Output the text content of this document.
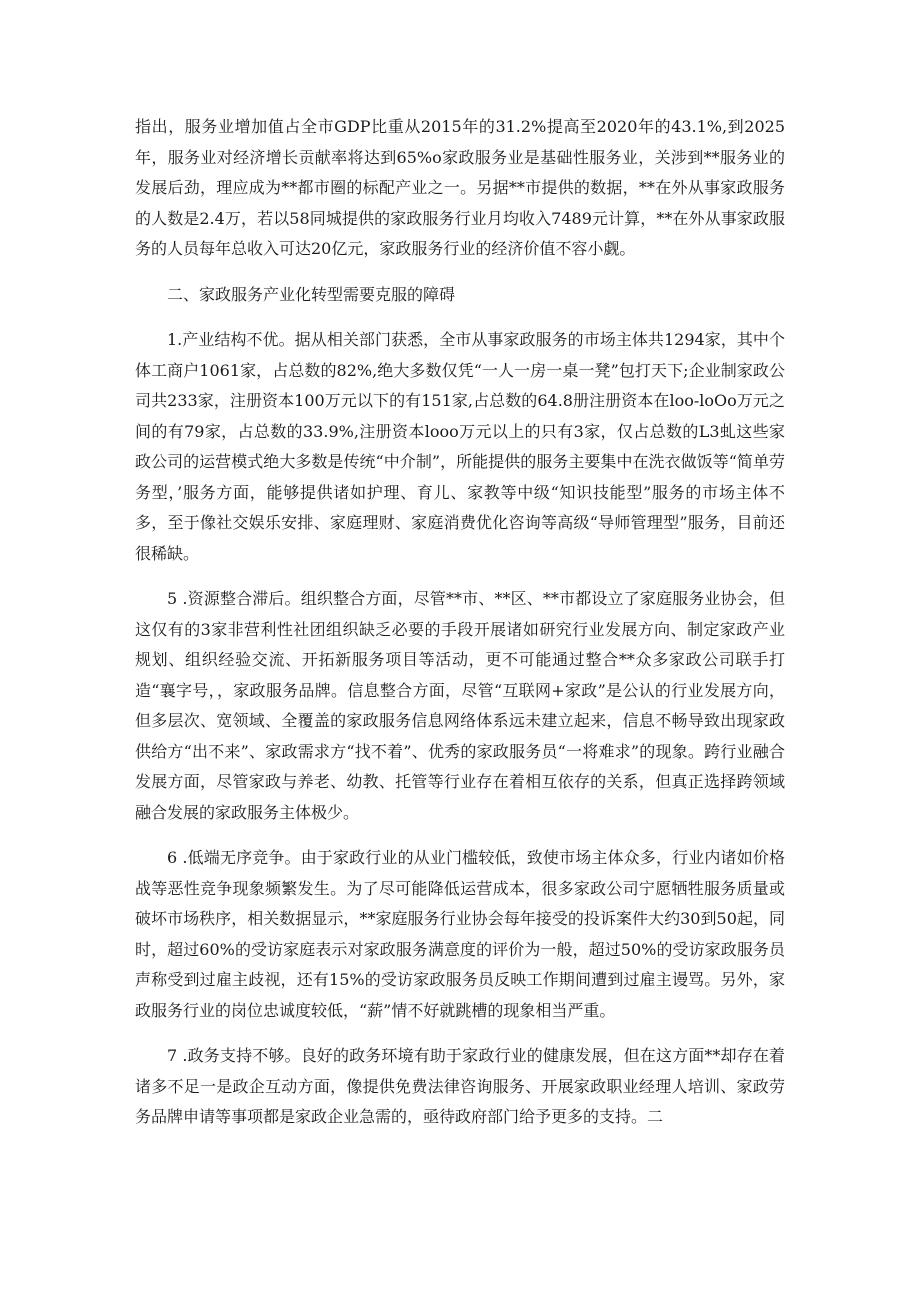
指出，服务业增加值占全市GDP比重从2015年的31.2%提高至2020年的43.1%,到2025年，服务业对经济增长贡献率将达到65%o家政服务业是基础性服务业，关涉到**服务业的发展后劲，理应成为**都市圈的标配产业之一。另据**市提供的数据，**在外从事家政服务的人数是2.4万，若以58同城提供的家政服务行业月均收入7489元计算，**在外从事家政服务的人员每年总收入可达20亿元，家政服务行业的经济价值不容小觑。

二、家政服务产业化转型需要克服的障碍

1.产业结构不优。据从相关部门获悉，全市从事家政服务的市场主体共1294家，其中个体工商户1061家，占总数的82%,绝大多数仅凭“一人一房一桌一凳”包打天下;企业制家政公司共233家，注册资本100万元以下的有151家,占总数的64.8册注册资本在loo-loOo万元之间的有79家，占总数的33.9%,注册资本looo万元以上的只有3家，仅占总数的L3虬这些家政公司的运营模式绝大多数是传统“中介制”，所能提供的服务主要集中在洗衣做饭等“简单劳务型，’服务方面，能够提供诸如护理、育儿、家教等中级“知识技能型”服务的市场主体不多，至于像社交娱乐安排、家庭理财、家庭消费优化咨询等高级“导师管理型”服务，目前还很稀缺。

5 .资源整合滞后。组织整合方面，尽管**市、**区、**市都设立了家庭服务业协会，但这仅有的3家非营利性社团组织缺乏必要的手段开展诸如研究行业发展方向、制定家政产业规划、组织经验交流、开拓新服务项目等活动，更不可能通过整合**众多家政公司联手打造“襄字号，，家政服务品牌。信息整合方面，尽管“互联网+家政”是公认的行业发展方向，但多层次、宽领域、全覆盖的家政服务信息网络体系远未建立起来，信息不畅导致出现家政供给方“出不来”、家政需求方“找不着”、优秀的家政服务员“一将难求”的现象。跨行业融合发展方面，尽管家政与养老、幼教、托管等行业存在着相互依存的关系，但真正选择跨领域融合发展的家政服务主体极少。

6 .低端无序竞争。由于家政行业的从业门槛较低，致使市场主体众多，行业内诸如价格战等恶性竞争现象频繁发生。为了尽可能降低运营成本，很多家政公司宁愿牺牲服务质量或破坏市场秩序，相关数据显示，**家庭服务行业协会每年接受的投诉案件大约30到50起，同时，超过60%的受访家庭表示对家政服务满意度的评价为一般，超过50%的受访家政服务员声称受到过雇主歧视，还有15%的受访家政服务员反映工作期间遭到过雇主谩骂。另外，家政服务行业的岗位忠诚度较低，“薪”情不好就跳槽的现象相当严重。

7 .政务支持不够。良好的政务环境有助于家政行业的健康发展，但在这方面**却存在着诸多不足一是政企互动方面，像提供免费法律咨询服务、开展家政职业经理人培训、家政劳务品牌申请等事项都是家政企业急需的，亟待政府部门给予更多的支持。二
